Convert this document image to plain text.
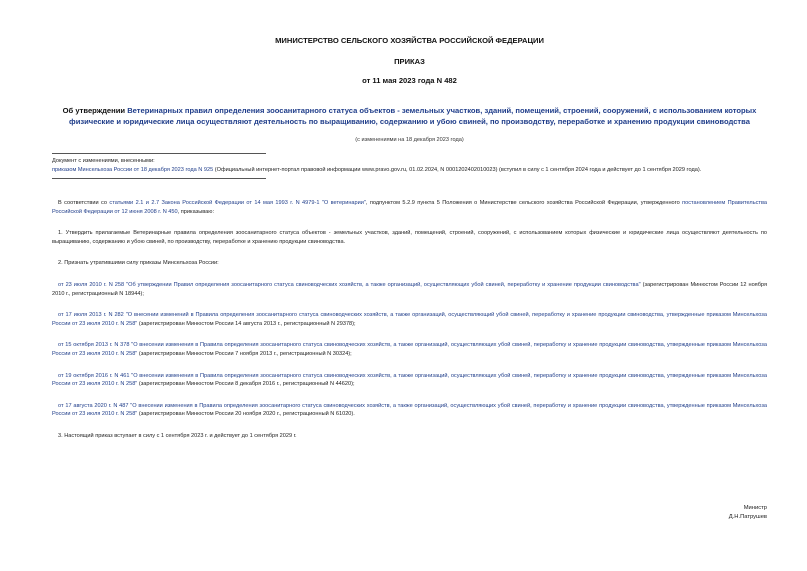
МИНИСТЕРСТВО СЕЛЬСКОГО ХОЗЯЙСТВА РОССИЙСКОЙ ФЕДЕРАЦИИ
ПРИКАЗ
от 11 мая 2023 года N 482
Об утверждении Ветеринарных правил определения зоосанитарного статуса объектов - земельных участков, зданий, помещений, строений, сооружений, с использованием которых физические и юридические лица осуществляют деятельность по выращиванию, содержанию и убою свиней, по производству, переработке и хранению продукции свиноводства
(с изменениями на 18 декабря 2023 года)
Документ с изменениями, внесенными:
приказом Минсельхоза России от 18 декабря 2023 года N 925 (Официальный интернет-портал правовой информации www.pravo.gov.ru, 01.02.2024, N 0001202402010023) (вступил в силу с 1 сентября 2024 года и действует до 1 сентября 2029 года).

В соответствии со статьями 2.1 и 2.7 Закона Российской Федерации от 14 мая 1993 г. N 4979-1 "О ветеринарии", подпунктом 5.2.9 пункта 5 Положения о Министерстве сельского хозяйства Российской Федерации, утвержденного постановлением Правительства Российской Федерации от 12 июня 2008 г. N 450, приказываю:

1. Утвердить прилагаемые Ветеринарные правила определения зоосанитарного статуса объектов - земельных участков, зданий, помещений, строений, сооружений, с использованием которых физические и юридические лица осуществляют деятельность по выращиванию, содержанию и убою свиней, по производству, переработке и хранению продукции свиноводства.

2. Признать утратившими силу приказы Минсельхоза России:

от 23 июля 2010 г. N 258 "Об утверждении Правил определения зоосанитарного статуса свиноводческих хозяйств, а также организаций, осуществляющих убой свиней, переработку и хранение продукции свиноводства" (зарегистрирован Минюстом России 12 ноября 2010 г., регистрационный N 18944);

от 17 июля 2013 г. N 282 "О внесении изменений в Правила определения зоосанитарного статуса свиноводческих хозяйств, а также организаций, осуществляющий убой свиней, переработку и хранение продукции свиноводства, утвержденные приказом Минсельхоза России от 23 июля 2010 г. N 258" (зарегистрирован Минюстом России 14 августа 2013 г., регистрационный N 29378);

от 15 октября 2013 г. N 378 "О внесении изменения в Правила определения зоосанитарного статуса свиноводческих хозяйств, а также организаций, осуществляющих убой свиней, переработку и хранение продукции свиноводства, утвержденные приказом Минсельхоза России от 23 июля 2010 г. N 258" (зарегистрирован Минюстом России 7 ноября 2013 г., регистрационный N 30324);

от 19 октября 2016 г. N 461 "О внесении изменения в Правила определения зоосанитарного статуса свиноводческих хозяйств, а также организаций, осуществляющих убой свиней, переработку и хранение продукции свиноводства, утвержденные приказом Минсельхоза России от 23 июля 2010 г. N 258" (зарегистрирован Минюстом России 8 декабря 2016 г., регистрационный N 44620);

от 17 августа 2020 г. N 487 "О внесении изменения в Правила определения зоосанитарного статуса свиноводческих хозяйств, а также организаций, осуществляющих убой свиней, переработку и хранение продукции свиноводства, утвержденные приказом Минсельхоза России от 23 июля 2010 г. N 258" (зарегистрирован Минюстом России 20 ноября 2020 г., регистрационный N 61020).

3. Настоящий приказ вступает в силу с 1 сентября 2023 г. и действует до 1 сентября 2029 г.

Министр
Д.Н.Патрушев
